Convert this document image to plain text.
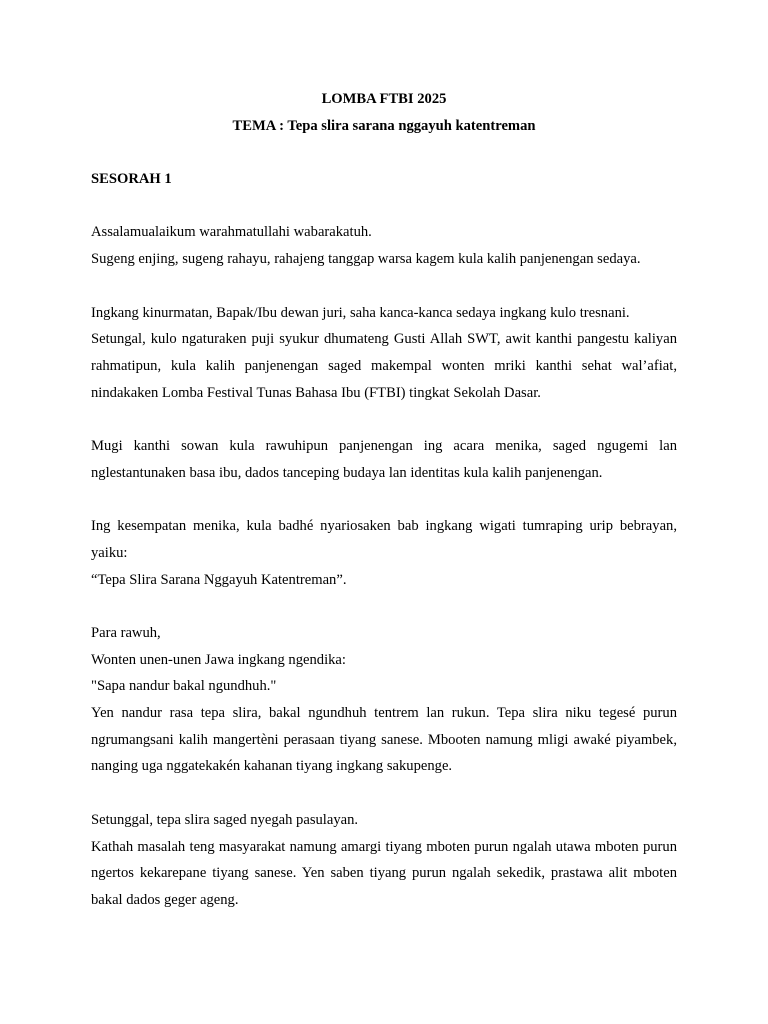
LOMBA FTBI 2025
TEMA : Tepa slira sarana nggayuh katentreman
SESORAH 1

Assalamualaikum warahmatullahi wabarakatuh.

Sugeng enjing, sugeng rahayu, rahajeng tanggap warsa kagem kula kalih panjenengan sedaya.

Ingkang kinurmatan, Bapak/Ibu dewan juri, saha kanca-kanca sedaya ingkang kulo tresnani.

Setungal, kulo ngaturaken puji syukur dhumateng Gusti Allah SWT, awit kanthi pangestu kaliyan rahmatipun, kula kalih panjenengan saged makempal wonten mriki kanthi sehat wal’afiat, nindakaken Lomba Festival Tunas Bahasa Ibu (FTBI) tingkat Sekolah Dasar.

Mugi kanthi sowan kula rawuhipun panjenengan ing acara menika, saged ngugemi lan nglestantunaken basa ibu, dados tanceping budaya lan identitas kula kalih panjenengan.

Ing kesempatan menika, kula badhé nyariosaken bab ingkang wigati tumraping urip bebrayan, yaiku:

“Tepa Slira Sarana Nggayuh Katentreman”.

Para rawuh,

Wonten unen-unen Jawa ingkang ngendika:

"Sapa nandur bakal ngundhuh."

Yen nandur rasa tepa slira, bakal ngundhuh tentrem lan rukun. Tepa slira niku tegesé purun ngrumangsani kalih mangertèni perasaan tiyang sanese. Mbooten namung mligi awaké piyambek, nanging uga nggatekakén kahanan tiyang ingkang sakupenge.

Setunggal, tepa slira saged nyegah pasulayan.

Kathah masalah teng masyarakat namung amargi tiyang mboten purun ngalah utawa mboten purun ngertos kekarepane tiyang sanese. Yen saben tiyang purun ngalah sekedik, prastawa alit mboten bakal dados geger ageng.
